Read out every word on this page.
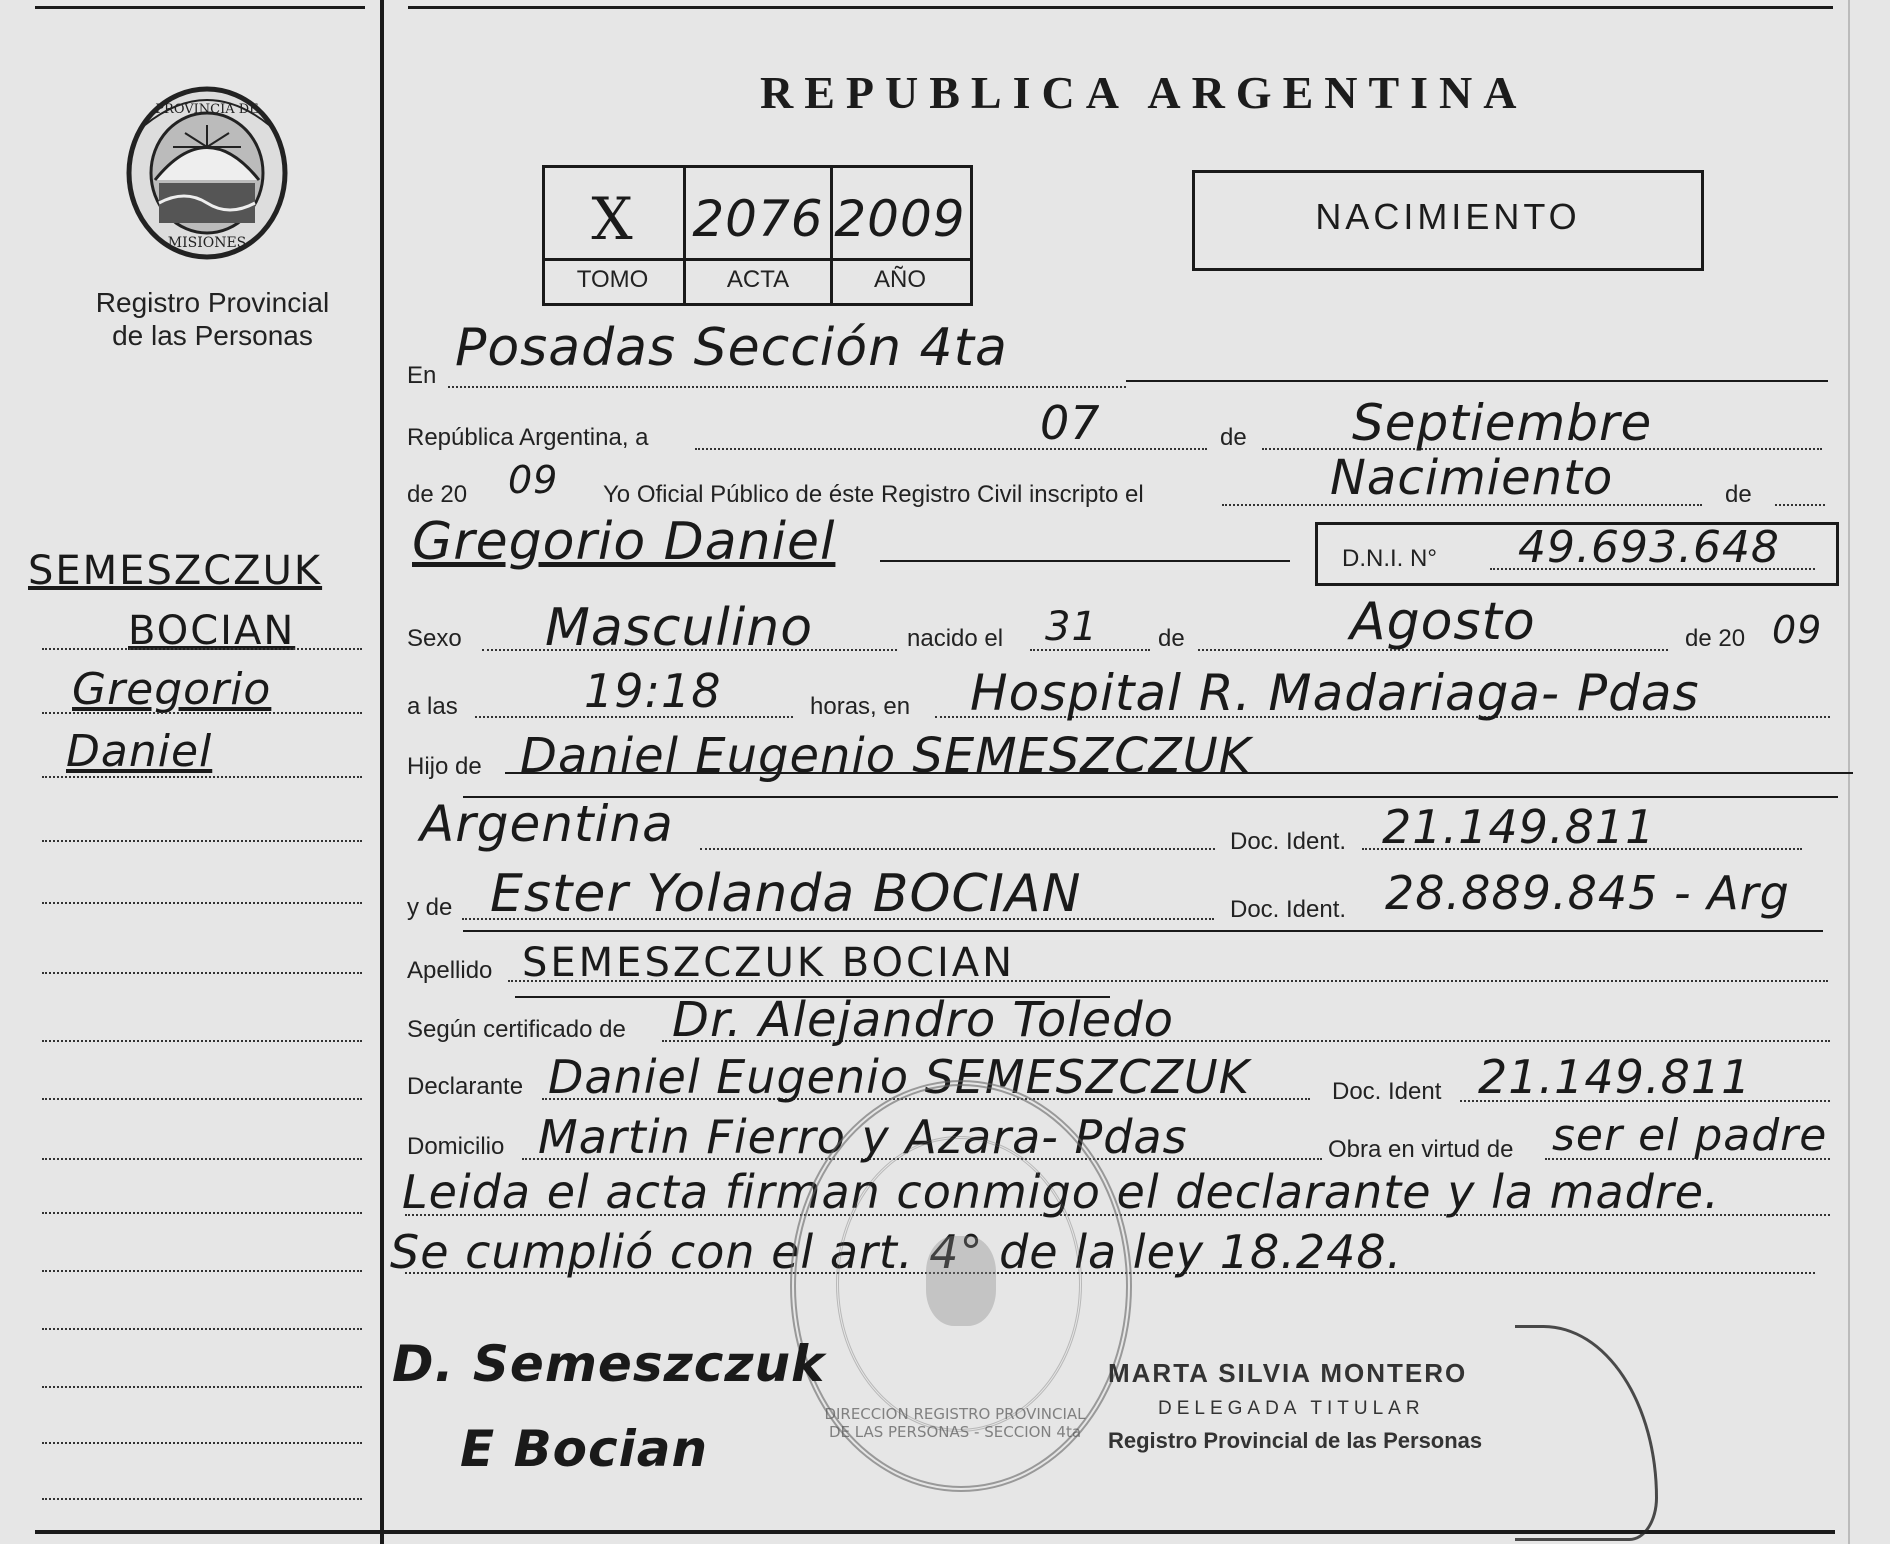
PROVINCIA DE
MISIONES
Registro Provincial
de las Personas
SEMESZCZUK
BOCIAN
Gregorio
Daniel
REPUBLICA ARGENTINA
X	2076 2009
TOMO	ACTA	AÑO
NACIMIENTO
En Posadas Sección 4ta
República Argentina, a	07	de Septiembre
de 20 09 Yo Oficial Público de éste Registro Civil inscripto el	Nacimiento	de
Gregorio Daniel	D.N.I. N° 49.693.648
Sexo Masculino	nacido el 31	de	Agosto	de 20 09
a las	19:18	horas, en Hospital R. Madariaga- Pdas
Hijo de Daniel Eugenio SEMESZCZUK
Argentina	Doc. Ident. 21.149.811
y de Ester Yolanda BOCIAN	Doc. Ident. 28.889.845 - Arg
Apellido SEMESZCZUK BOCIAN
Según certificado de Dr. Alejandro Toledo
Declarante Daniel Eugenio SEMESZCZUK	Doc. Ident 21.149.811
Domicilio Martin Fierro y Azara- Pdas	Obra en virtud de ser el padre
Leida el acta firman conmigo el declarante y la madre.
Se cumplió con el art. 4° de la ley 18.248.
DIRECCION REGISTRO PROVINCIAL DE LAS PERSONAS - SECCION 4ta
D. Semeszczuk
E Bocian
MARTA SILVIA MONTERO
DELEGADA TITULAR
Registro Provincial de las Personas
